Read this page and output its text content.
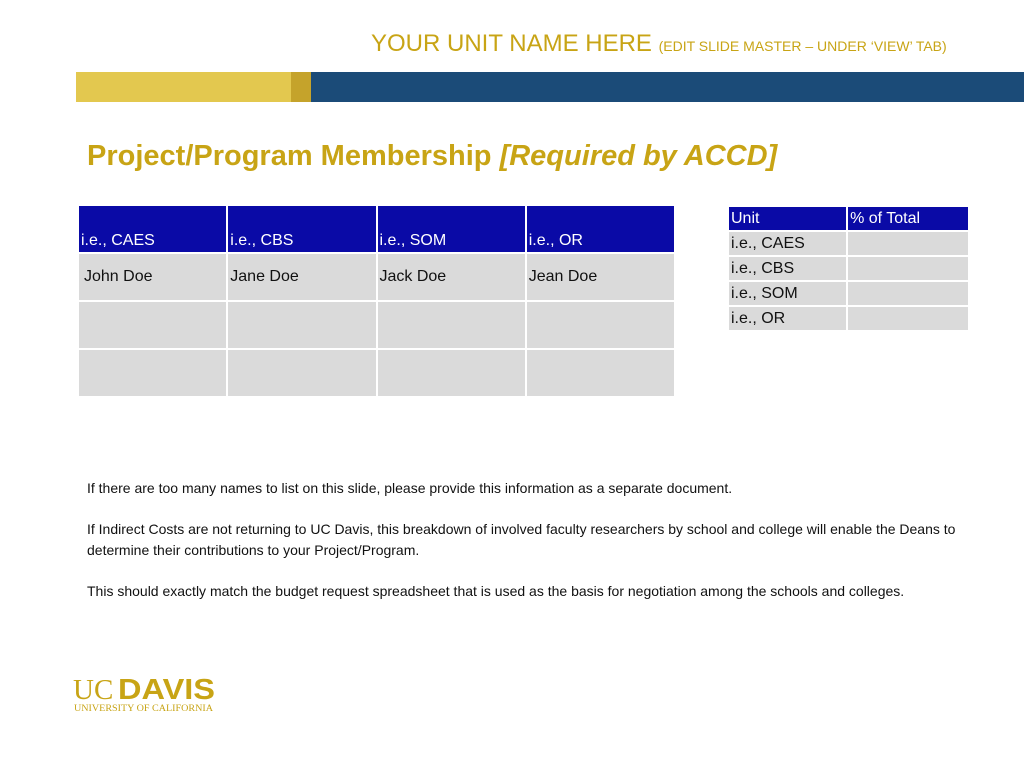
YOUR UNIT NAME HERE (EDIT SLIDE MASTER – UNDER ‘VIEW’ TAB)
Project/Program Membership [Required by ACCD]
i.e., CAES	i.e., CBS	i.e., SOM	i.e., OR
John Doe	Jane Doe	Jack Doe	Jean Doe

Unit	% of Total
i.e., CAES	
i.e., CBS	
i.e., SOM	
i.e., OR	

If there are too many names to list on this slide, please provide this information as a separate document.

If Indirect Costs are not returning to UC Davis, this breakdown of involved faculty researchers by school and college will enable the Deans to determine their contributions to your Project/Program.

This should exactly match the budget request spreadsheet that is used as the basis for negotiation among the schools and colleges.

UC DAVIS
UNIVERSITY OF CALIFORNIA
